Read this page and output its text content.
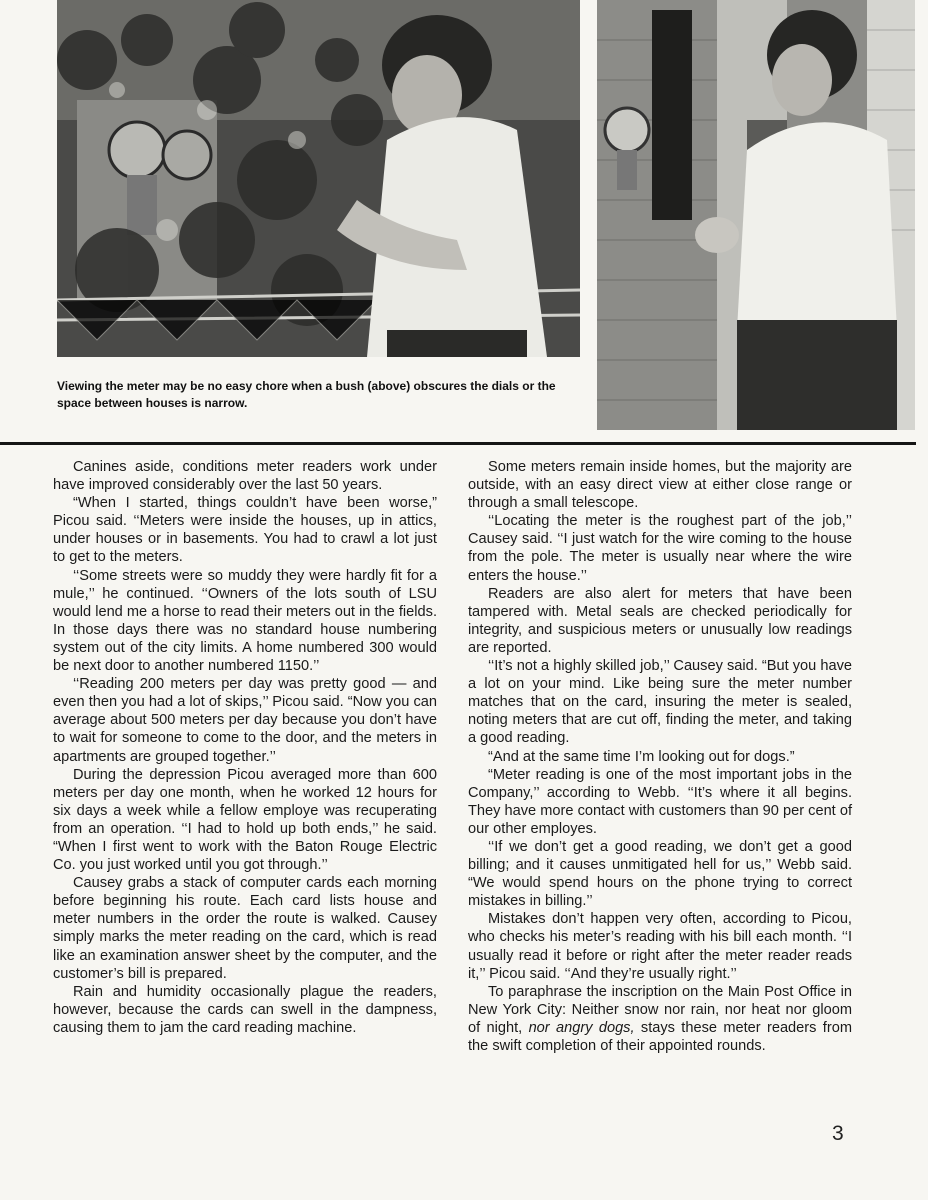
Viewing the meter may be no easy chore when a bush (above) obscures the dials or the space between houses is narrow.

Canines aside, conditions meter readers work under have improved considerably over the last 50 years.

“When I started, things couldn’t have been worse,” Picou said. ‘‘Meters were inside the houses, up in attics, under houses or in basements. You had to crawl a lot just to get to the meters.

‘‘Some streets were so muddy they were hardly fit for a mule,’’ he continued. ‘‘Owners of the lots south of LSU would lend me a horse to read their meters out in the fields. In those days there was no standard house numbering system out of the city limits. A home numbered 300 would be next door to another numbered 1150.’’

‘‘Reading 200 meters per day was pretty good — and even then you had a lot of skips,’’ Picou said. “Now you can average about 500 meters per day because you don’t have to wait for someone to come to the door, and the meters in apartments are grouped together.’’

During the depression Picou averaged more than 600 meters per day one month, when he worked 12 hours for six days a week while a fellow employe was recuperating from an operation. ‘‘I had to hold up both ends,’’ he said. “When I first went to work with the Baton Rouge Electric Co. you just worked until you got through.’’

Causey grabs a stack of computer cards each morning before beginning his route. Each card lists house and meter numbers in the order the route is walked. Causey simply marks the meter reading on the card, which is read like an examination answer sheet by the computer, and the customer’s bill is prepared.

Rain and humidity occasionally plague the readers, however, because the cards can swell in the dampness, causing them to jam the card reading machine.

Some meters remain inside homes, but the majority are outside, with an easy direct view at either close range or through a small telescope.

‘‘Locating the meter is the roughest part of the job,’’ Causey said. ‘‘I just watch for the wire coming to the house from the pole. The meter is usually near where the wire enters the house.’’

Readers are also alert for meters that have been tampered with. Metal seals are checked periodically for integrity, and suspicious meters or unusually low readings are reported.

‘‘It’s not a highly skilled job,’’ Causey said. “But you have a lot on your mind. Like being sure the meter number matches that on the card, insuring the meter is sealed, noting meters that are cut off, finding the meter, and taking a good reading.

“And at the same time I’m looking out for dogs.”

“Meter reading is one of the most important jobs in the Company,’’ according to Webb. ‘‘It’s where it all begins. They have more contact with customers than 90 per cent of our other employes.

‘‘If we don’t get a good reading, we don’t get a good billing; and it causes unmitigated hell for us,’’ Webb said. “We would spend hours on the phone trying to correct mistakes in billing.’’

Mistakes don’t happen very often, according to Picou, who checks his meter’s reading with his bill each month. ‘‘I usually read it before or right after the meter reader reads it,’’ Picou said. ‘‘And they’re usually right.’’

To paraphrase the inscription on the Main Post Office in New York City: Neither snow nor rain, nor heat nor gloom of night, nor angry dogs, stays these meter readers from the swift completion of their appointed rounds.

3
